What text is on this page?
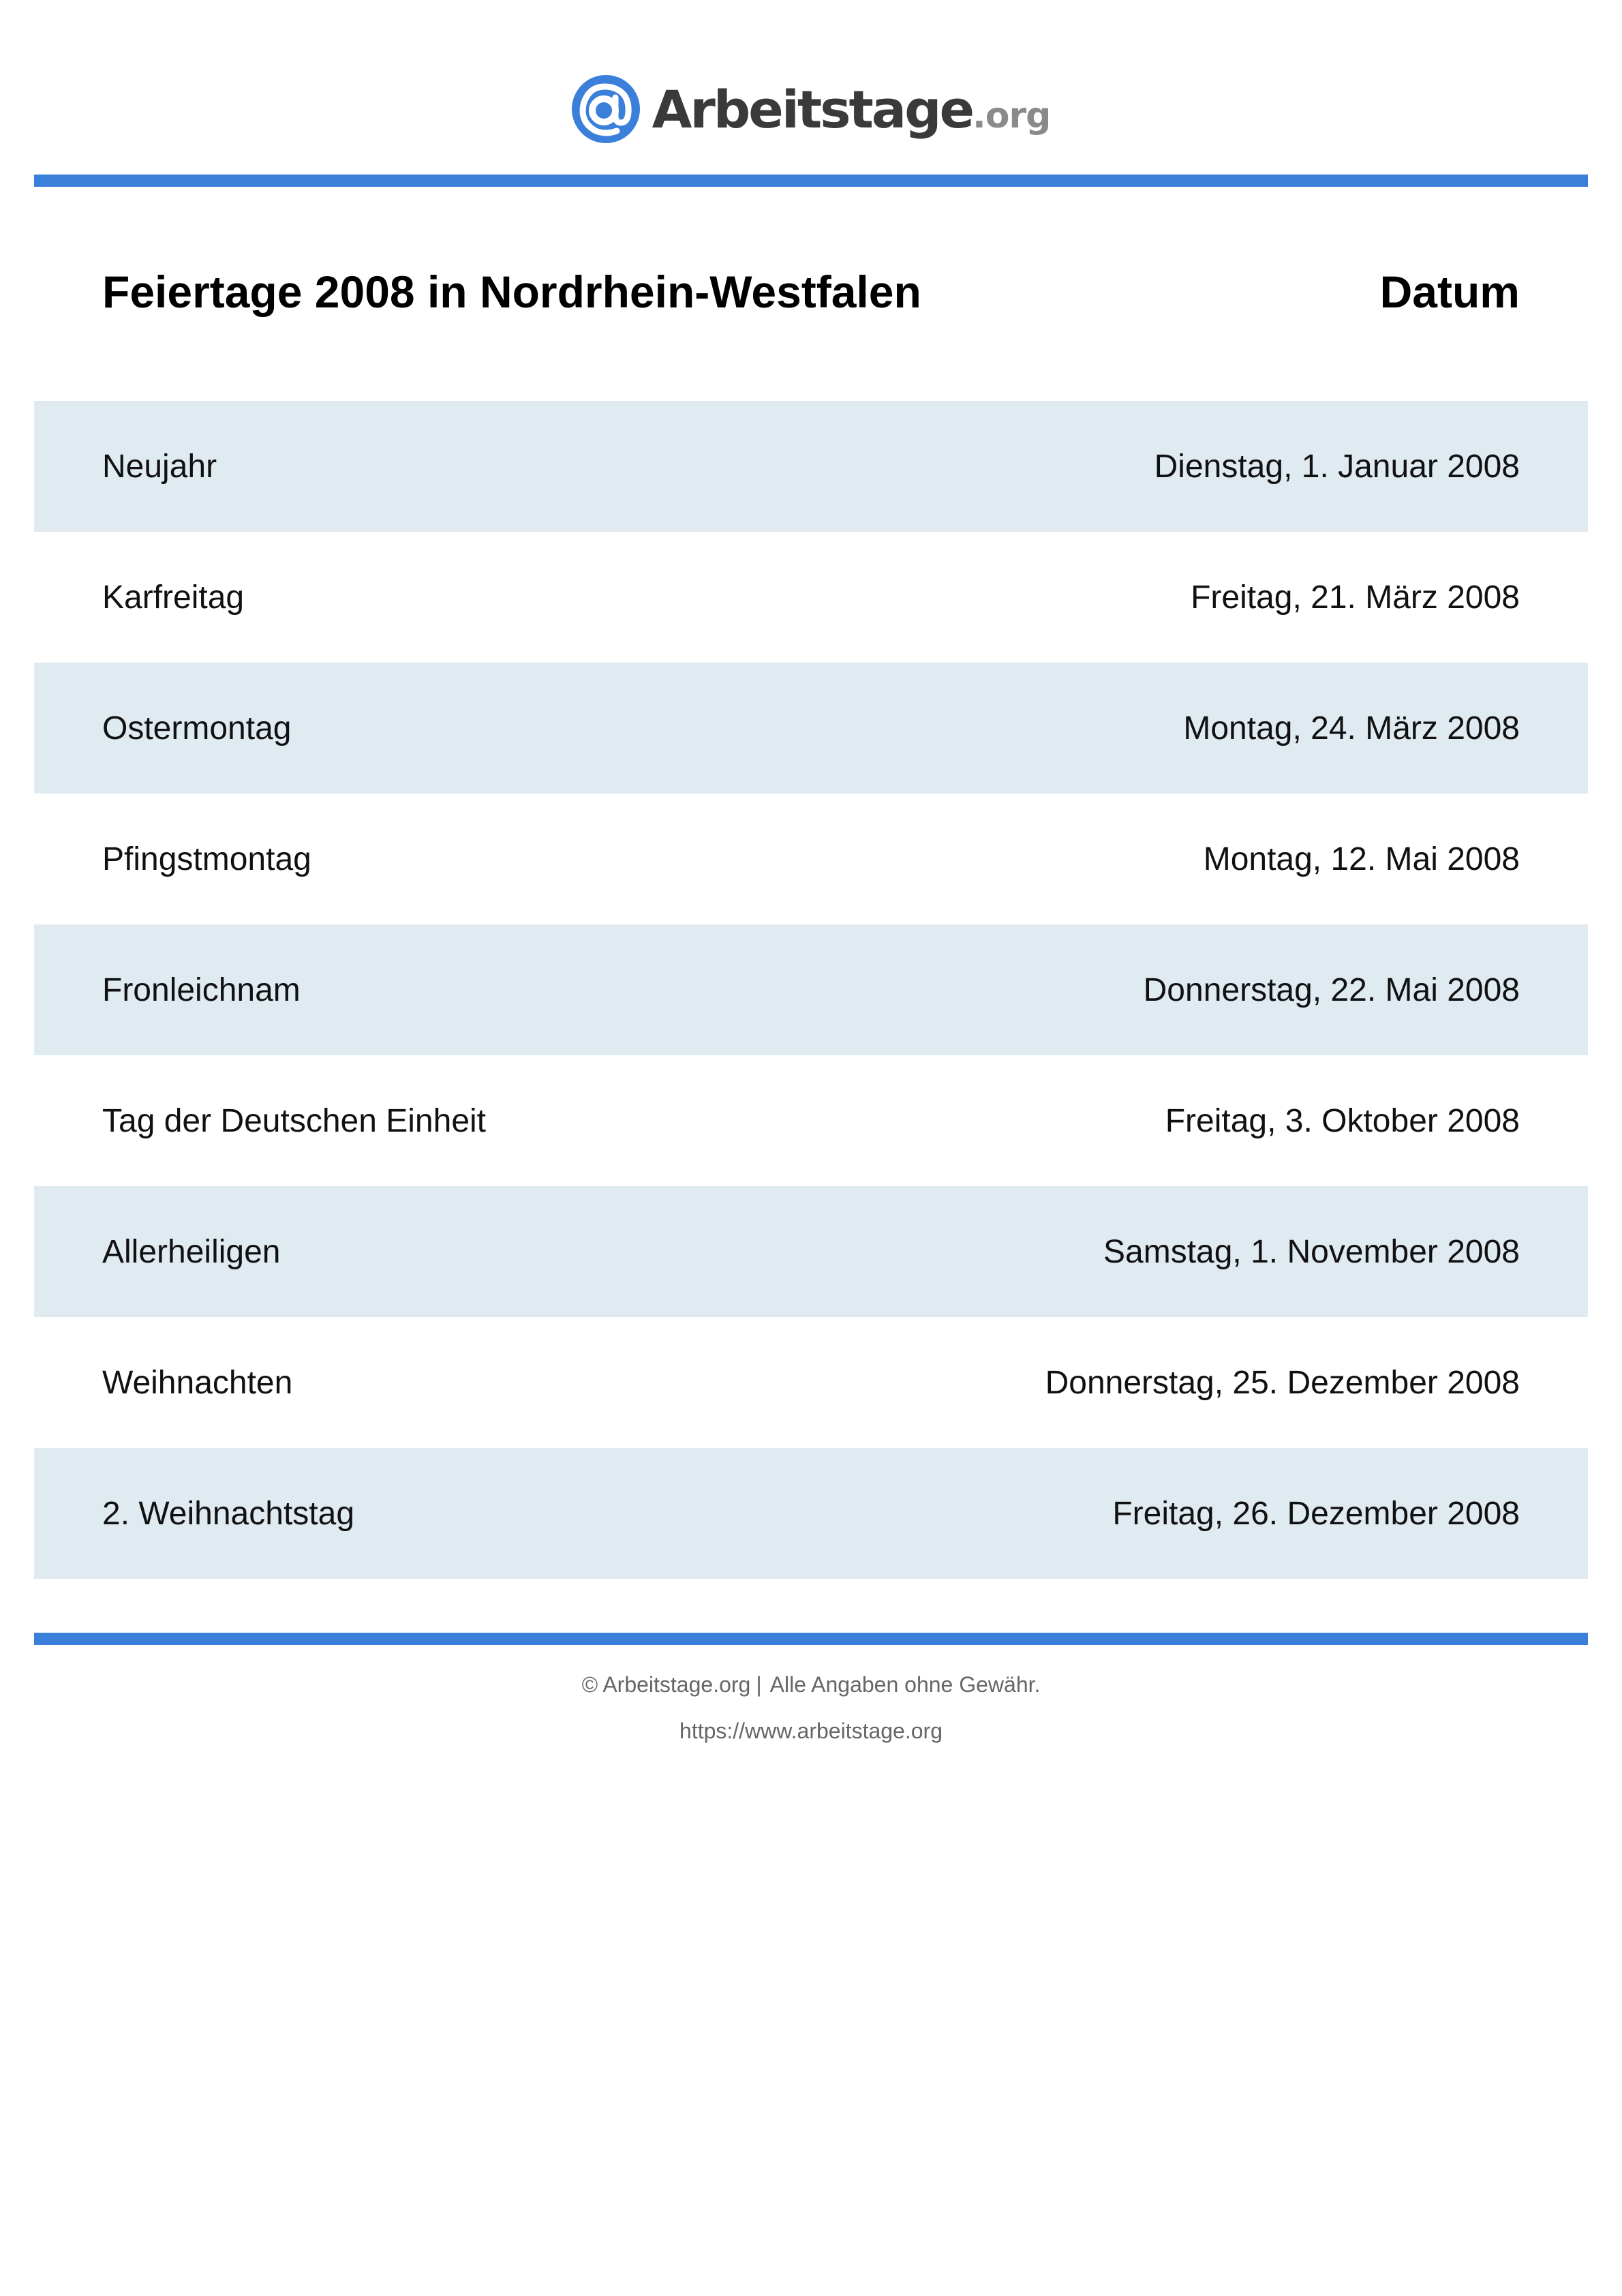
Arbeitstage .org
Feiertage 2008 in Nordrhein-Westfalen	Datum
Neujahr	Dienstag, 1. Januar 2008
Karfreitag	Freitag, 21. März 2008
Ostermontag	Montag, 24. März 2008
Pfingstmontag	Montag, 12. Mai 2008
Fronleichnam	Donnerstag, 22. Mai 2008
Tag der Deutschen Einheit	Freitag, 3. Oktober 2008
Allerheiligen	Samstag, 1. November 2008
Weihnachten	Donnerstag, 25. Dezember 2008
2. Weihnachtstag	Freitag, 26. Dezember 2008
© Arbeitstage.org | Alle Angaben ohne Gewähr.
https://www.arbeitstage.org
